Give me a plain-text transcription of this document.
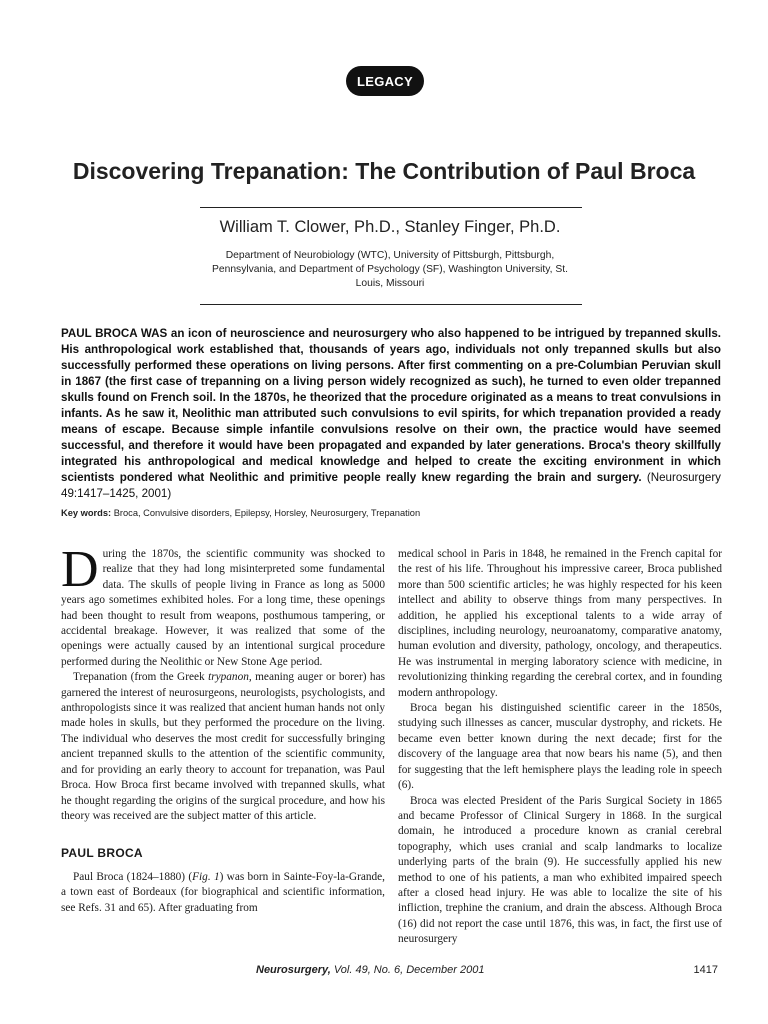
LEGACY
Discovering Trepanation: The Contribution of Paul Broca
William T. Clower, Ph.D., Stanley Finger, Ph.D.
Department of Neurobiology (WTC), University of Pittsburgh, Pittsburgh, Pennsylvania, and Department of Psychology (SF), Washington University, St. Louis, Missouri
PAUL BROCA WAS an icon of neuroscience and neurosurgery who also happened to be intrigued by trepanned skulls. His anthropological work established that, thousands of years ago, individuals not only trepanned skulls but also successfully performed these operations on living persons. After first commenting on a pre-Columbian Peruvian skull in 1867 (the first case of trepanning on a living person widely recognized as such), he turned to even older trepanned skulls found on French soil. In the 1870s, he theorized that the procedure originated as a means to treat convulsions in infants. As he saw it, Neolithic man attributed such convulsions to evil spirits, for which trepanation provided a ready means of escape. Because simple infantile convulsions resolve on their own, the practice would have seemed successful, and therefore it would have been propagated and expanded by later generations. Broca's theory skillfully integrated his anthropological and medical knowledge and helped to create the exciting environment in which scientists pondered what Neolithic and primitive people really knew regarding the brain and surgery. (Neurosurgery 49:1417–1425, 2001)
Key words: Broca, Convulsive disorders, Epilepsy, Horsley, Neurosurgery, Trepanation

During the 1870s, the scientific community was shocked to realize that they had long misinterpreted some fundamental data. The skulls of people living in France as long as 5000 years ago sometimes exhibited holes. For a long time, these openings had been thought to result from weapons, posthumous tampering, or accidental breakage. However, it was realized that some of the openings were actually caused by an intentional surgical procedure performed during the Neolithic or New Stone Age period.

Trepanation (from the Greek trypanon, meaning auger or borer) has garnered the interest of neurosurgeons, neurologists, psychologists, and anthropologists since it was realized that ancient human hands not only made holes in skulls, but they performed the procedure on the living. The individual who deserves the most credit for successfully bringing ancient trepanned skulls to the attention of the scientific community, and for providing an early theory to account for trepanation, was Paul Broca. How Broca first became involved with trepanned skulls, what he thought regarding the origins of the surgical procedure, and how his theory was received are the subject matter of this article.

PAUL BROCA

Paul Broca (1824–1880) (Fig. 1) was born in Sainte-Foy-la-Grande, a town east of Bordeaux (for biographical and scientific information, see Refs. 31 and 65). After graduating from

medical school in Paris in 1848, he remained in the French capital for the rest of his life. Throughout his impressive career, Broca published more than 500 scientific articles; he was highly respected for his keen intellect and ability to observe things from many perspectives. In addition, he applied his exceptional talents to a wide array of disciplines, including neurology, neuroanatomy, comparative anatomy, human evolution and diversity, pathology, oncology, and therapeutics. He was instrumental in merging laboratory science with medicine, in revolutionizing thinking regarding the cerebral cortex, and in founding modern anthropology.

Broca began his distinguished scientific career in the 1850s, studying such illnesses as cancer, muscular dystrophy, and rickets. He became even better known during the next decade; first for the discovery of the language area that now bears his name (5), and then for suggesting that the left hemisphere plays the leading role in speech (6).

Broca was elected President of the Paris Surgical Society in 1865 and became Professor of Clinical Surgery in 1868. In the surgical domain, he introduced a procedure known as cranial cerebral topography, which uses cranial and scalp landmarks to localize underlying parts of the brain (9). He successfully applied his new method to one of his patients, a man who exhibited impaired speech after a closed head injury. He was able to localize the site of his infliction, trephine the cranium, and drain the abscess. Although Broca (16) did not report the case until 1876, this was, in fact, the first use of neurosurgery

Neurosurgery, Vol. 49, No. 6, December 2001	1417
